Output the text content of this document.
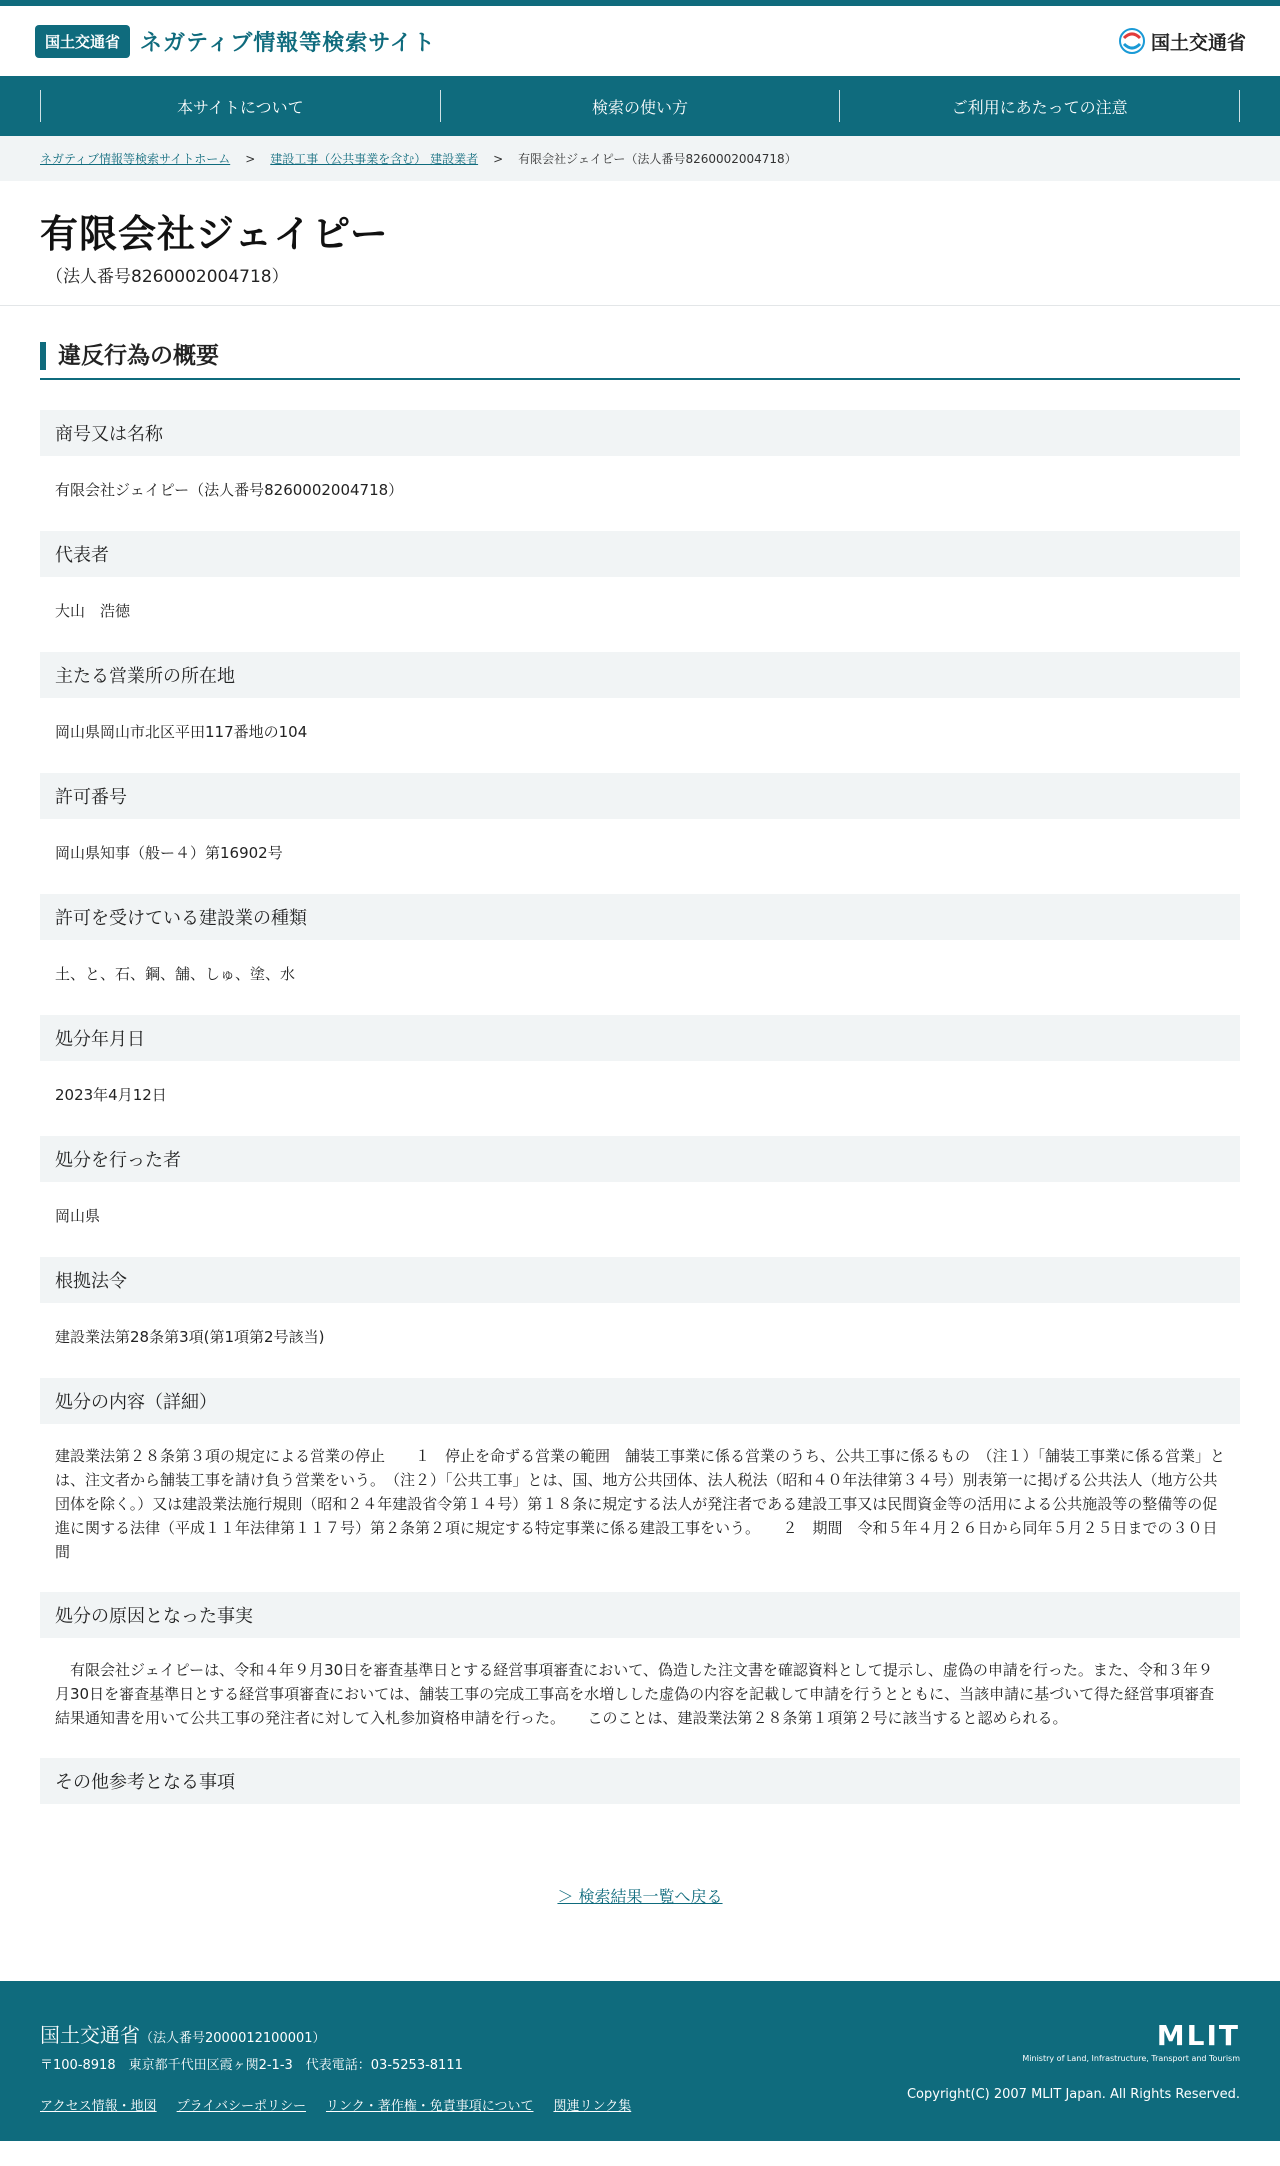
国土交通省 ネガティブ情報等検索サイト	国土交通省
本サイトについて	検索の使い方	ご利用にあたっての注意
ネガティブ情報等検索サイトホーム > 建設工事（公共事業を含む） 建設業者 > 有限会社ジェイピー（法人番号8260002004718）
有限会社ジェイピー
（法人番号8260002004718）
違反行為の概要
商号又は名称
有限会社ジェイピー（法人番号8260002004718）
代表者
大山　浩徳
主たる営業所の所在地
岡山県岡山市北区平田117番地の104
許可番号
岡山県知事（般ー４）第16902号
許可を受けている建設業の種類
土、と、石、鋼、舗、しゅ、塗、水
処分年月日
2023年4月12日
処分を行った者
岡山県
根拠法令
建設業法第28条第3項(第1項第2号該当)
処分の内容（詳細）
建設業法第２８条第３項の規定による営業の停止　　１　停止を命ずる営業の範囲　舗装工事業に係る営業のうち、公共工事に係るもの　（注１）「舗装工事業に係る営業」とは、注文者から舗装工事を請け負う営業をいう。　（注２）「公共工事」とは、国、地方公共団体、法人税法（昭和４０年法律第３４号）別表第一に掲げる公共法人（地方公共団体を除く。）又は建設業法施行規則（昭和２４年建設省令第１４号）第１８条に規定する法人が発注者である建設工事又は民間資金等の活用による公共施設等の整備等の促進に関する法律（平成１１年法律第１１７号）第２条第２項に規定する特定事業に係る建設工事をいう。　　２　期間　令和５年４月２６日から同年５月２５日までの３０日間
処分の原因となった事実
　有限会社ジェイピーは、令和４年９月30日を審査基準日とする経営事項審査において、偽造した注文書を確認資料として提示し、虚偽の申請を行った。また、令和３年９月30日を審査基準日とする経営事項審査においては、舗装工事の完成工事高を水増しした虚偽の内容を記載して申請を行うとともに、当該申請に基づいて得た経営事項審査結果通知書を用いて公共工事の発注者に対して入札参加資格申請を行った。　　このことは、建設業法第２８条第１項第２号に該当すると認められる。
その他参考となる事項
＞ 検索結果一覧へ戻る
国土交通省（法人番号2000012100001）
〒100-8918　東京都千代田区霞ヶ関2-1-3　代表電話：03-5253-8111
アクセス情報・地図 プライバシーポリシー リンク・著作権・免責事項について 関連リンク集
MLIT
Ministry of Land, Infrastructure, Transport and Tourism
Copyright(C) 2007 MLIT Japan. All Rights Reserved.
